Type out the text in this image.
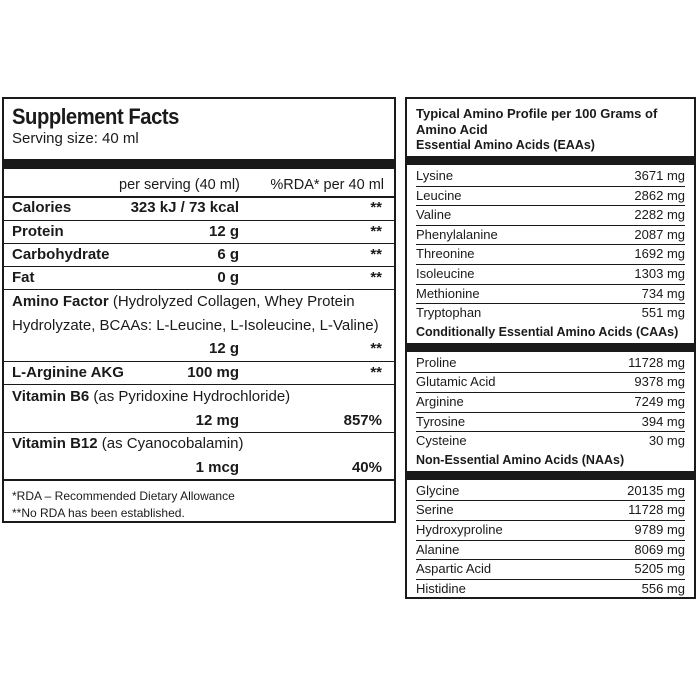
Supplement Facts
Serving size: 40 ml
per serving (40 ml) %RDA* per 40 ml
Calories	323 kJ / 73 kcal	**
Protein	12 g	**
Carbohydrate	6 g	**
Fat	0 g	**
Amino Factor (Hydrolyzed Collagen, Whey Protein
Hydrolyzate, BCAAs: L-Leucine, L-Isoleucine, L-Valine)
12 g	**
L-Arginine AKG	100 mg	**
Vitamin B6 (as Pyridoxine Hydrochloride)
12 mg	857%
Vitamin B12 (as Cyanocobalamin)
1 mcg	40%
*RDA – Recommended Dietary Allowance
**No RDA has been established.
Typical Amino Profile per 100 Grams of Amino Acid
Essential Amino Acids (EAAs)
Lysine	3671 mg
Leucine	2862 mg
Valine	2282 mg
Phenylalanine	2087 mg
Threonine	1692 mg
Isoleucine	1303 mg
Methionine	734 mg
Tryptophan	551 mg
Conditionally Essential Amino Acids (CAAs)
Proline	11728 mg
Glutamic Acid	9378 mg
Arginine	7249 mg
Tyrosine	394 mg
Cysteine	30 mg
Non-Essential Amino Acids (NAAs)
Glycine	20135 mg
Serine	11728 mg
Hydroxyproline	9789 mg
Alanine	8069 mg
Aspartic Acid	5205 mg
Histidine	556 mg
